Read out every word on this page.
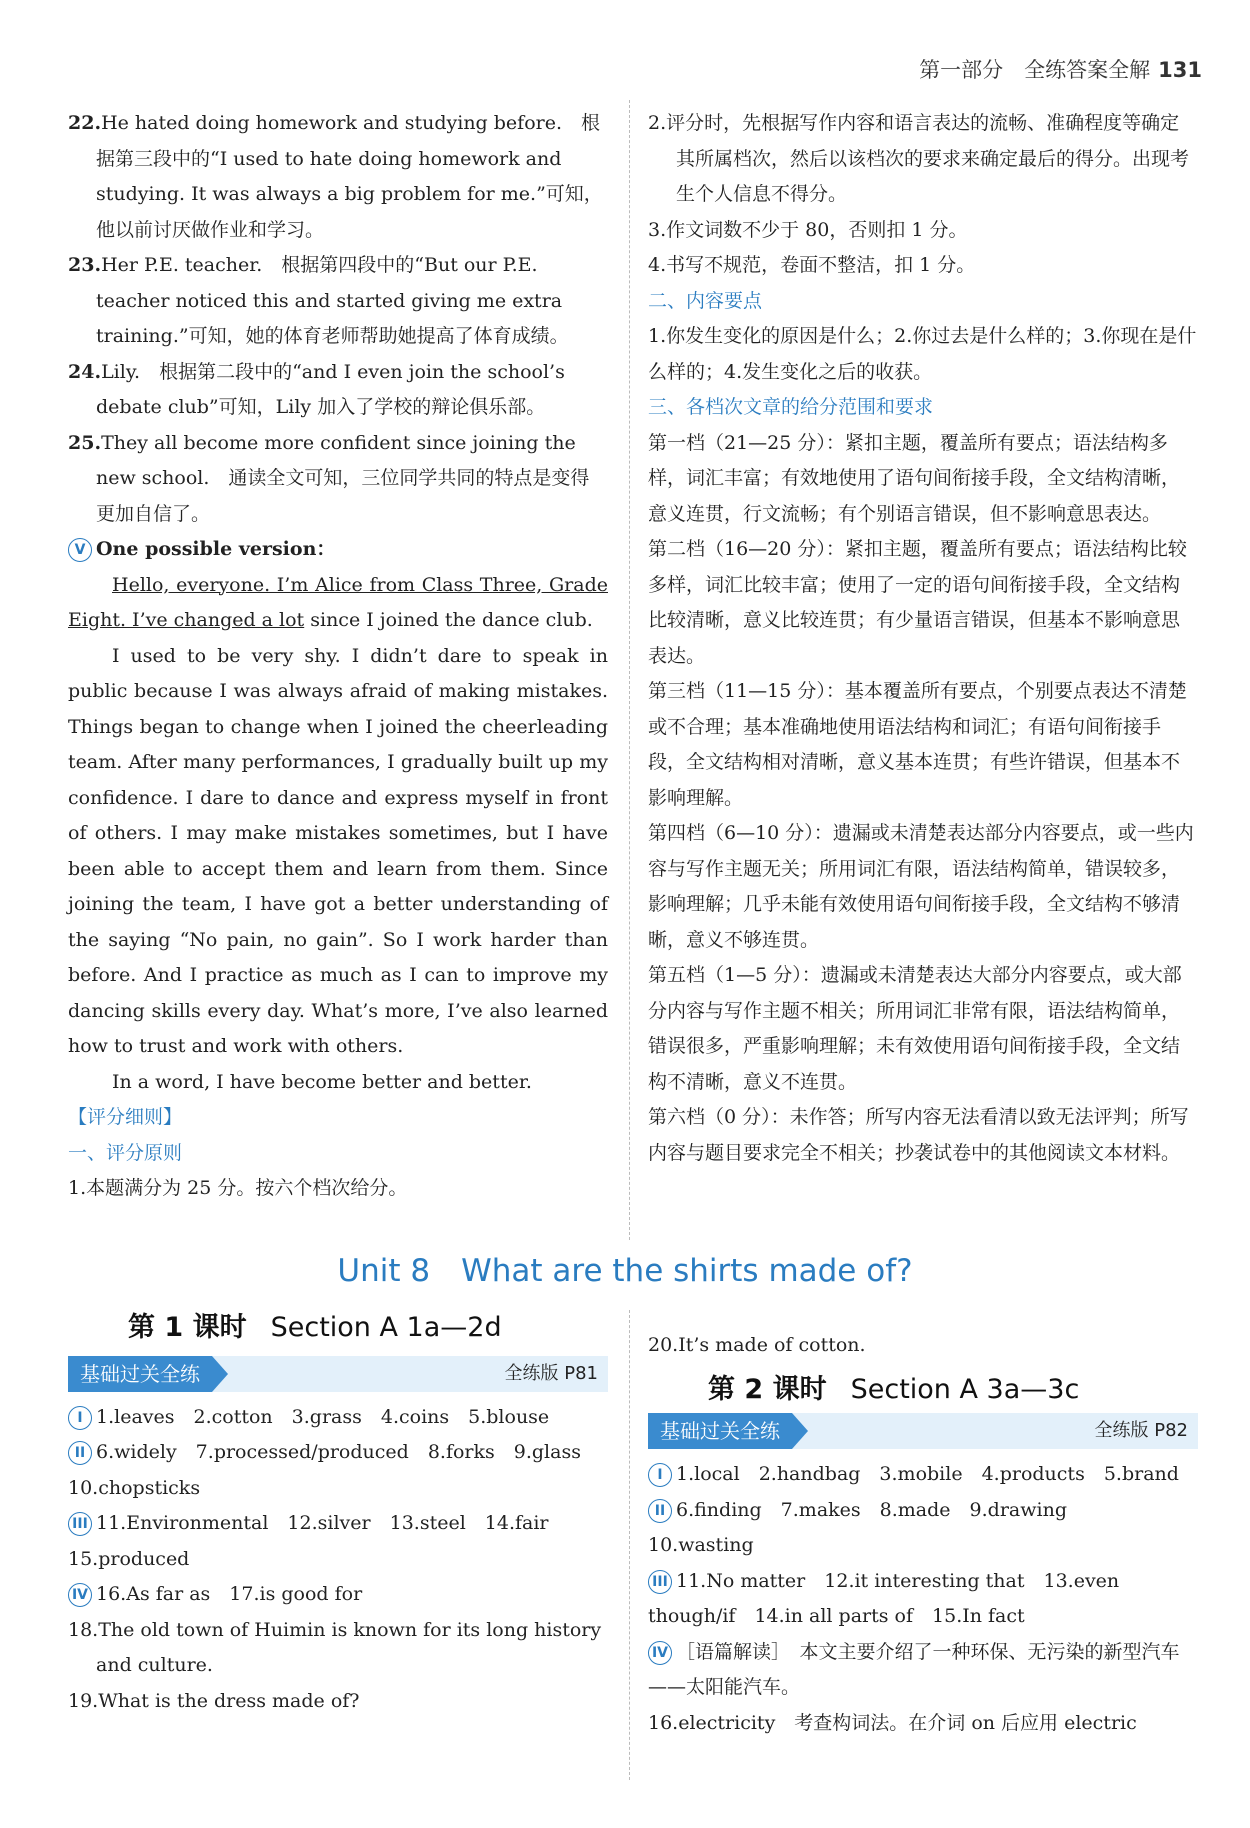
第一部分　全练答案全解 131

22.He hated doing homework and studying before.　根据第三段中的“I used to hate doing homework and studying. It was always a big problem for me.”可知，他以前讨厌做作业和学习。

23.Her P.E. teacher.　根据第四段中的“But our P.E. teacher noticed this and started giving me extra training.”可知，她的体育老师帮助她提高了体育成绩。

24.Lily.　根据第二段中的“and I even join the school’s debate club”可知，Lily 加入了学校的辩论俱乐部。

25.They all become more confident since joining the new school.　通读全文可知，三位同学共同的特点是变得更加自信了。

V One possible version：

Hello, everyone. I’m Alice from Class Three, Grade Eight. I’ve changed a lot since I joined the dance club.

I used to be very shy. I didn’t dare to speak in public because I was always afraid of making mistakes. Things began to change when I joined the cheerleading team. After many performances, I gradually built up my confidence. I dare to dance and express myself in front of others. I may make mistakes sometimes, but I have been able to accept them and learn from them. Since joining the team, I have got a better understanding of the saying “No pain, no gain”. So I work harder than before. And I practice as much as I can to improve my dancing skills every day. What’s more, I’ve also learned how to trust and work with others.

In a word, I have become better and better.

【评分细则】

一、评分原则

1.本题满分为 25 分。按六个档次给分。

2.评分时，先根据写作内容和语言表达的流畅、准确程度等确定其所属档次，然后以该档次的要求来确定最后的得分。出现考生个人信息不得分。

3.作文词数不少于 80，否则扣 1 分。

4.书写不规范，卷面不整洁，扣 1 分。

二、内容要点

1.你发生变化的原因是什么；2.你过去是什么样的；3.你现在是什么样的；4.发生变化之后的收获。

三、各档次文章的给分范围和要求

第一档（21—25 分）：紧扣主题，覆盖所有要点；语法结构多样，词汇丰富；有效地使用了语句间衔接手段，全文结构清晰，意义连贯，行文流畅；有个别语言错误，但不影响意思表达。

第二档（16—20 分）：紧扣主题，覆盖所有要点；语法结构比较多样，词汇比较丰富；使用了一定的语句间衔接手段，全文结构比较清晰，意义比较连贯；有少量语言错误，但基本不影响意思表达。

第三档（11—15 分）：基本覆盖所有要点，个别要点表达不清楚或不合理；基本准确地使用语法结构和词汇；有语句间衔接手段，全文结构相对清晰，意义基本连贯；有些许错误，但基本不影响理解。

第四档（6—10 分）：遗漏或未清楚表达部分内容要点，或一些内容与写作主题无关；所用词汇有限，语法结构简单，错误较多，影响理解；几乎未能有效使用语句间衔接手段，全文结构不够清晰，意义不够连贯。

第五档（1—5 分）：遗漏或未清楚表达大部分内容要点，或大部分内容与写作主题不相关；所用词汇非常有限，语法结构简单，错误很多，严重影响理解；未有效使用语句间衔接手段，全文结构不清晰，意义不连贯。

第六档（0 分）：未作答；所写内容无法看清以致无法评判；所写内容与题目要求完全不相关；抄袭试卷中的其他阅读文本材料。

Unit 8　What are the shirts made of?
第 1 课时 Section A 1a—2d
基础过关全练	全练版 P81

I 1.leaves　2.cotton　3.grass　4.coins　5.blouse

II 6.widely　7.processed/produced　8.forks　9.glass

10.chopsticks

III 11.Environmental　12.silver　13.steel　14.fair

15.produced

IV 16.As far as　17.is good for

18.The old town of Huimin is known for its long history and culture.

19.What is the dress made of?

20.It’s made of cotton.

第 2 课时 Section A 3a—3c
基础过关全练	全练版 P82

I 1.local　2.handbag　3.mobile　4.products　5.brand

II 6.finding　7.makes　8.made　9.drawing

10.wasting

III 11.No matter　12.it interesting that　13.even though/if　14.in all parts of　15.In fact

IV ［语篇解读］　本文主要介绍了一种环保、无污染的新型汽车——太阳能汽车。

16.electricity　考查构词法。在介词 on 后应用 electric
